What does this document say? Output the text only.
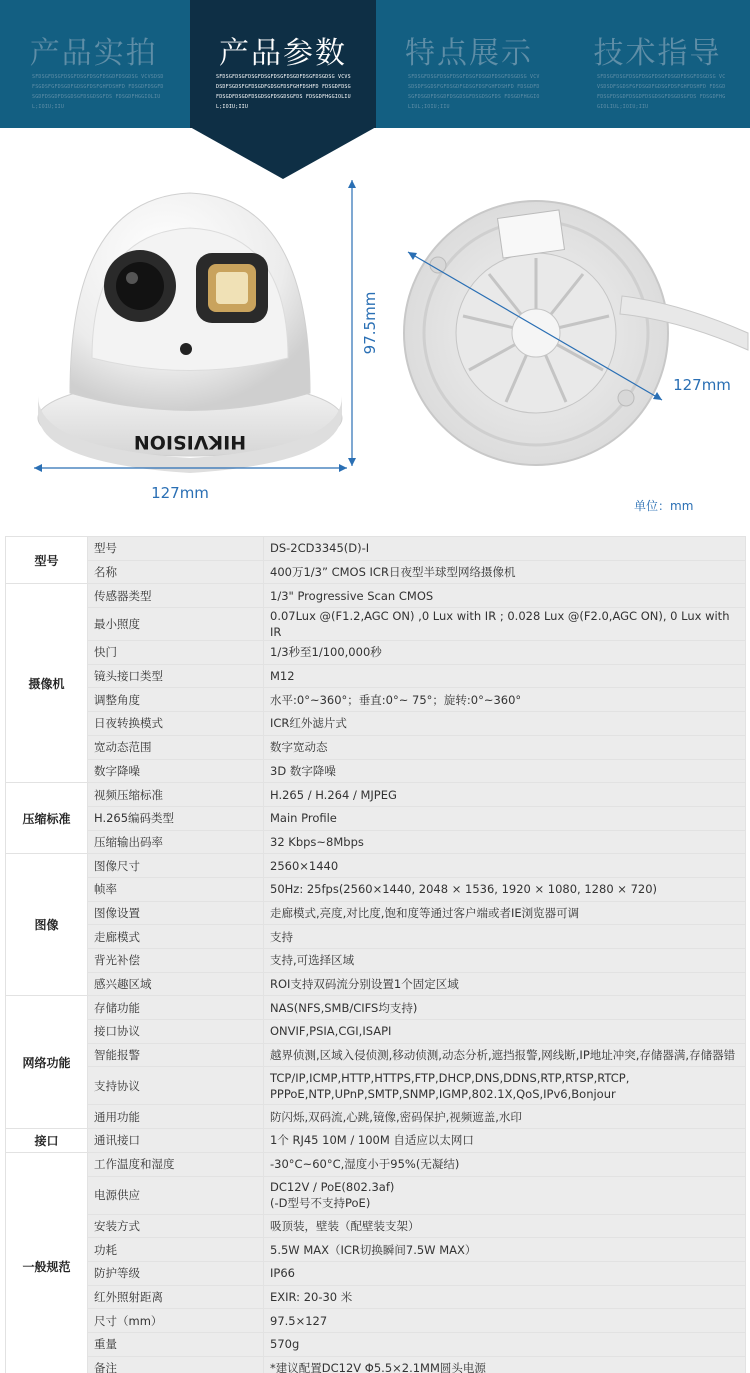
产品实拍
SFDSGFDSGFDSGFDSGFDSGFDSGDFDSGDSG VCVSDSDFSGDSFGFDSGDFGDSGFDSFGHFDSHFD FDSGDFDSGFDSGDFDSGDFDSGDSGFDSGDSGFDS FDSGDFHGGIOLIUL;IOIU;IIU
产品参数
SFDSGFDSGFDSGFDSGFDSGFDSGDFDSGFDSGDSG VCVSDSDFSGDSFGFDSGDFGDSGFDSFGHFDSHFD FDSGDFDSGFDSGDFDSGDFDSGDSGFDSGDSGFDS FDSGDFHGGIOLIUL;IOIU;IIU
特点展示
SFDSGFDSGFDSGFDSGFDSGFDSGDFDSGFDSGDSG VCVSDSDFSGDSFGFDSGDFGDSGFDSFGHFDSHFD FDSGDFDSGFDSGDFDSGDFDSGDSGFDSGDSGFDS FDSGDFHGGIOLIUL;IOIU;IIU
技术指导
SFDSGFDSGFDSGFDSGFDSGFDSGDFDSGFDSGDSG VCVSDSDFSGDSFGFDSGDFGDSGFDSFGHFDSHFD FDSGDFDSGFDSGDFDSGDFDSGDSGFDSGDSGFDS FDSGDFHGGIOLIUL;IOIU;IIU
HIKVISION
127mm
97.5mm
127mm
单位：mm
型号	型号	DS-2CD3345(D)-I

	名称	400万1/3” CMOS ICR日夜型半球型网络摄像机

摄像机	传感器类型	1/3" Progressive Scan CMOS

	最小照度	0.07Lux @(F1.2,AGC ON) ,0 Lux with IR ; 0.028 Lux @(F2.0,AGC ON), 0 Lux with IR

	快门	1/3秒至1/100,000秒

	镜头接口类型	M12

	调整角度	水平:0°~360°；垂直:0°~ 75°；旋转:0°~360°

	日夜转换模式	ICR红外滤片式

	宽动态范围	数字宽动态

	数字降噪	3D 数字降噪

压缩标准	视频压缩标准	H.265 / H.264 / MJPEG

	H.265编码类型	Main Profile

	压缩输出码率	32 Kbps~8Mbps

图像	图像尺寸	2560×1440

	帧率	50Hz: 25fps(2560×1440, 2048 × 1536, 1920 × 1080, 1280 × 720)

	图像设置	走廊模式,亮度,对比度,饱和度等通过客户端或者IE浏览器可调

	走廊模式	支持

	背光补偿	支持,可选择区域

	感兴趣区域	ROI支持双码流分别设置1个固定区域

网络功能	存储功能	NAS(NFS,SMB/CIFS均支持)

	接口协议	ONVIF,PSIA,CGI,ISAPI

	智能报警	越界侦测,区域入侵侦测,移动侦测,动态分析,遮挡报警,网线断,IP地址冲突,存储器满,存储器错

	支持协议	TCP/IP,ICMP,HTTP,HTTPS,FTP,DHCP,DNS,DDNS,RTP,RTSP,RTCP,
PPPoE,NTP,UPnP,SMTP,SNMP,IGMP,802.1X,QoS,IPv6,Bonjour

	通用功能	防闪烁,双码流,心跳,镜像,密码保护,视频遮盖,水印

接口	通讯接口	1个 RJ45 10M / 100M 自适应以太网口

一般规范	工作温度和湿度	-30°C~60°C,湿度小于95%(无凝结)

	电源供应	DC12V / PoE(802.3af)
(-D型号不支持PoE)

	安装方式	吸顶装，壁装（配壁装支架）

	功耗	5.5W MAX（ICR切换瞬间7.5W MAX）

	防护等级	IP66

	红外照射距离	EXIR: 20-30 米

	尺寸（mm）	97.5×127

	重量	570g

	备注	*建议配置DC12V Φ5.5×2.1MM圆头电源
